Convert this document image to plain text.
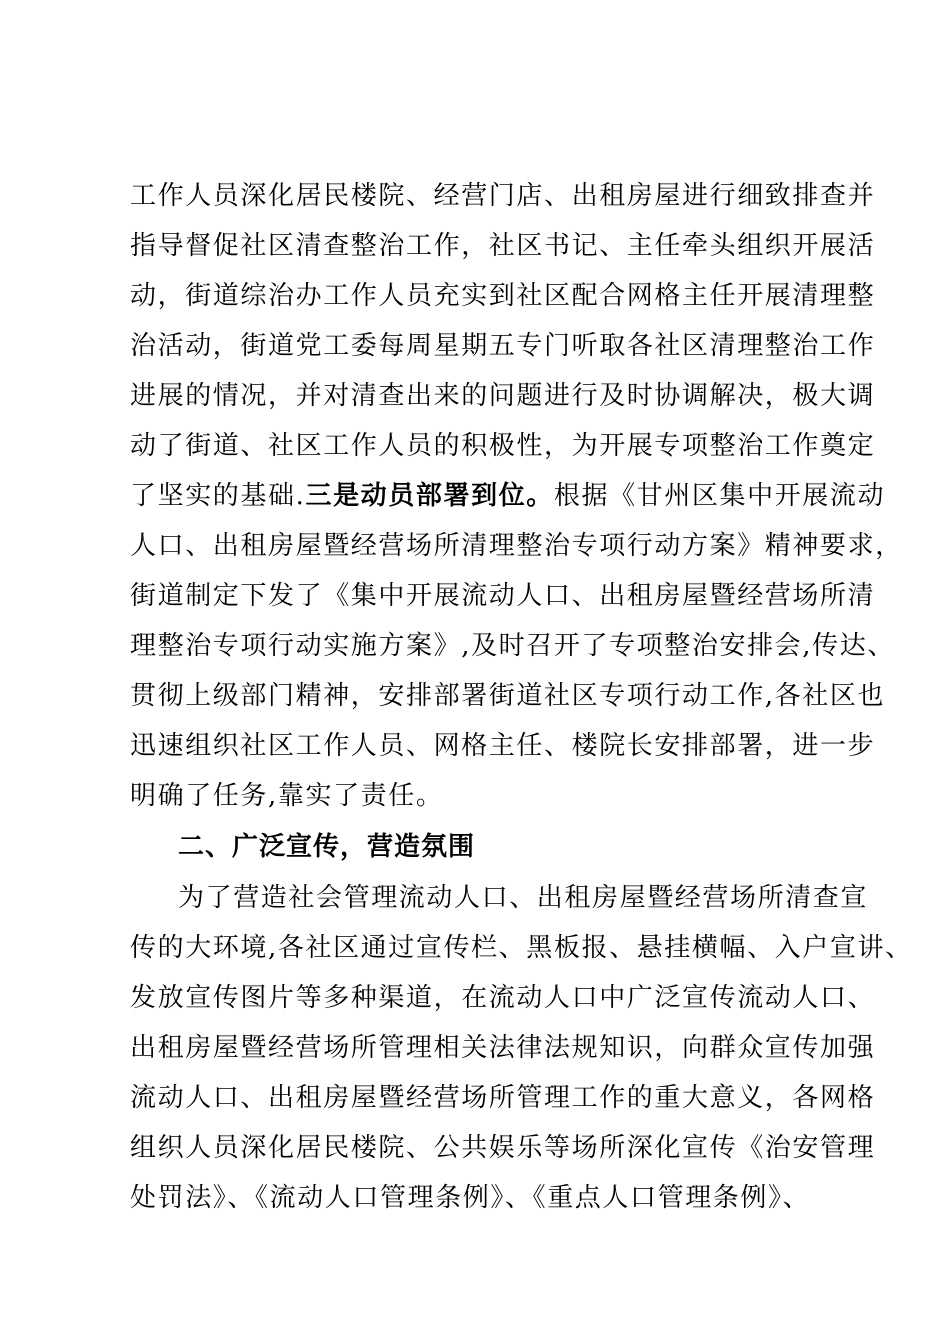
工作人员深化居民楼院、经营门店、出租房屋进行细致排查并
指导督促社区清查整治工作，社区书记、主任牵头组织开展活
动，街道综治办工作人员充实到社区配合网格主任开展清理整
治活动，街道党工委每周星期五专门听取各社区清理整治工作
进展的情况，并对清查出来的问题进行及时协调解决，极大调
动了街道、社区工作人员的积极性，为开展专项整治工作奠定
了坚实的基础.三是动员部署到位。根据《甘州区集中开展流动
人口、出租房屋暨经营场所清理整治专项行动方案》精神要求，
街道制定下发了《集中开展流动人口、出租房屋暨经营场所清
理整治专项行动实施方案》,及时召开了专项整治安排会,传达、
贯彻上级部门精神，安排部署街道社区专项行动工作,各社区也
迅速组织社区工作人员、网格主任、楼院长安排部署，进一步
明确了任务,靠实了责任。
二、广泛宣传，营造氛围
为了营造社会管理流动人口、出租房屋暨经营场所清查宣
传的大环境,各社区通过宣传栏、黑板报、悬挂横幅、入户宣讲、
发放宣传图片等多种渠道，在流动人口中广泛宣传流动人口、
出租房屋暨经营场所管理相关法律法规知识，向群众宣传加强
流动人口、出租房屋暨经营场所管理工作的重大意义，各网格
组织人员深化居民楼院、公共娱乐等场所深化宣传《治安管理
处罚法》、《流动人口管理条例》、《重点人口管理条例》、
